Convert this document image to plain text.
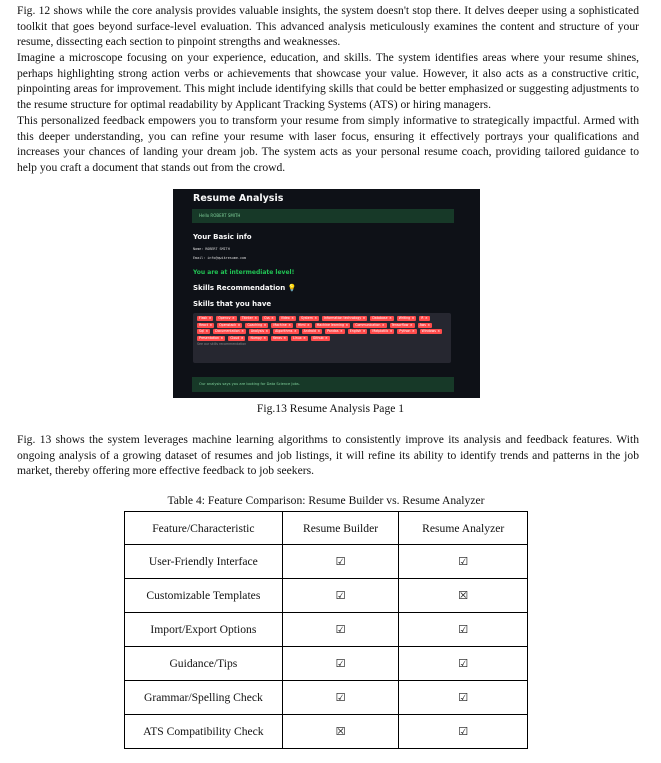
Fig. 12 shows while the core analysis provides valuable insights, the system doesn't stop there. It delves deeper using a sophisticated toolkit that goes beyond surface-level evaluation. This advanced analysis meticulously examines the content and structure of your resume, dissecting each section to pinpoint strengths and weaknesses.

Imagine a microscope focusing on your experience, education, and skills. The system identifies areas where your resume shines, perhaps highlighting strong action verbs or achievements that showcase your value. However, it also acts as a constructive critic, pinpointing areas for improvement. This might include identifying skills that could be better emphasized or suggesting adjustments to the resume structure for optimal readability by Applicant Tracking Systems (ATS) or hiring managers.

This personalized feedback empowers you to transform your resume from simply informative to strategically impactful. Armed with this deeper understanding, you can refine your resume with laser focus, ensuring it effectively portrays your qualifications and increases your chances of landing your dream job. The system acts as your personal resume coach, providing tailored guidance to help you craft a document that stands out from the crowd.

Resume Analysis
Hello ROBERT SMITH
Your Basic info
Name: ROBERT SMITH
Email: info@qwikresume.com
You are at intermediate level!
Skills Recommendation 💡
Skills that you have
Flask ×	Opencv ×	Tkinter ×	Css ×	Video ×	System ×	Information technology ×	Database ×	Writing ×	R ×
React ×	Openstack ×	Coaching ×	Machine ×	Html ×	Machine learning ×	Communication ×	Tensorflow ×	Aws ×
Sql ×	Documentation ×	Analysis ×	Algorithms ×	Android ×	Pandas ×	English ×	Matplotlib ×	Python ×	Windows ×
Presentation ×	Cloud ×	Numpy ×	Keras ×	Linux ×	Github ×
See our skills recommendation
Our analysis says you are looking for Data Science Jobs.

Fig.13 Resume Analysis Page 1

Fig. 13 shows the system leverages machine learning algorithms to consistently improve its analysis and feedback features. With ongoing analysis of a growing dataset of resumes and job listings, it will refine its ability to identify trends and patterns in the job market, thereby offering more effective feedback to job seekers.

Table 4: Feature Comparison: Resume Builder vs. Resume Analyzer
Feature/Characteristic	Resume Builder	Resume Analyzer
User-Friendly Interface	☑	☑
Customizable Templates	☑	☒
Import/Export Options	☑	☑
Guidance/Tips	☑	☑
Grammar/Spelling Check	☑	☑
ATS Compatibility Check	☒	☑
